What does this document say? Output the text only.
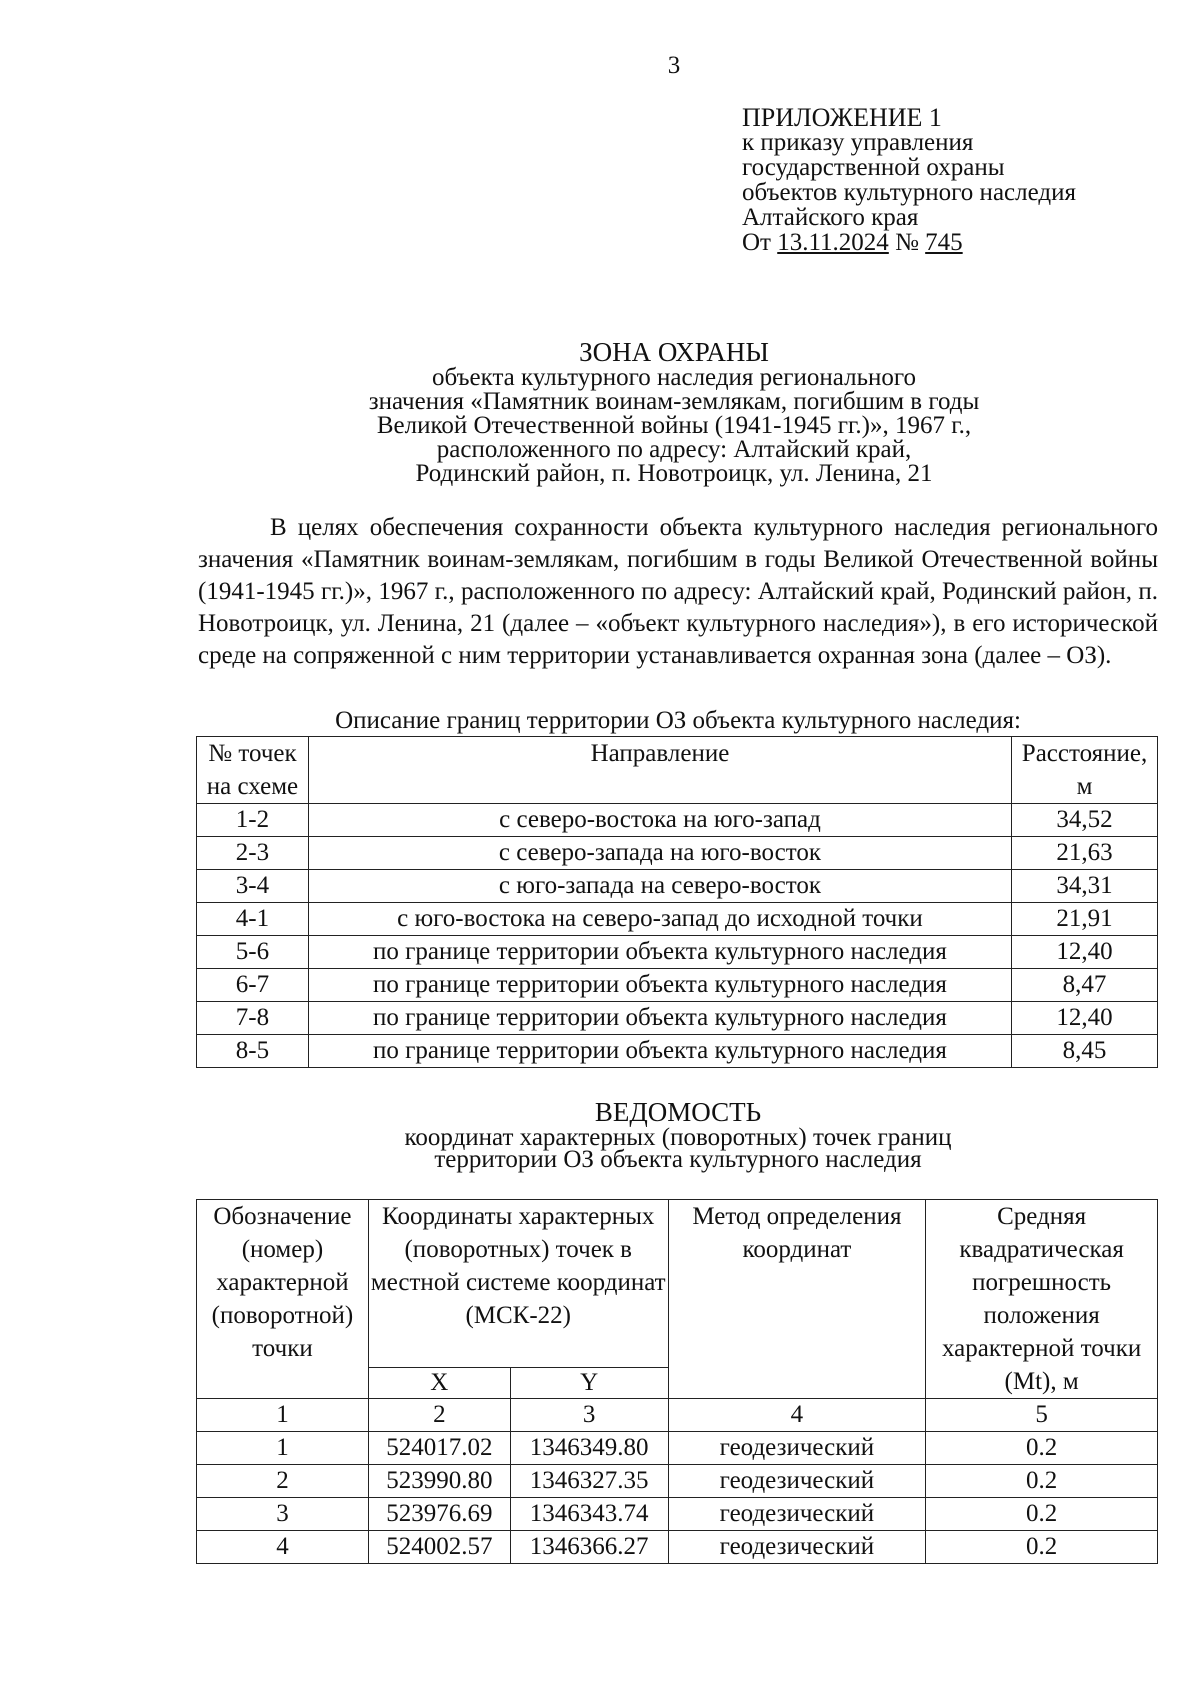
3
ПРИЛОЖЕНИЕ 1
к приказу управления
государственной охраны
объектов культурного наследия
Алтайского края
От 13.11.2024 № 745
ЗОНА ОХРАНЫ
объекта культурного наследия регионального
значения «Памятник воинам-землякам, погибшим в годы
Великой Отечественной войны (1941-1945 гг.)», 1967 г.,
расположенного по адресу: Алтайский край,
Родинский район, п. Новотроицк, ул. Ленина, 21

В целях обеспечения сохранности объекта культурного наследия регионального значения «Памятник воинам-землякам, погибшим в годы Великой Отечественной войны (1941-1945 гг.)», 1967 г., расположенного по адресу: Алтайский край, Родинский район, п. Новотроицк, ул. Ленина, 21 (далее – «объект культурного наследия»), в его исторической среде на сопряженной с ним территории устанавливается охранная зона (далее – ОЗ).

Описание границ территории ОЗ объекта культурного наследия:
№ точек на схеме	Направление	Расстояние, м
1-2	с северо-востока на юго-запад	34,52
2-3	с северо-запада на юго-восток	21,63
3-4	с юго-запада на северо-восток	34,31
4-1	с юго-востока на северо-запад до исходной точки	21,91
5-6	по границе территории объекта культурного наследия	12,40
6-7	по границе территории объекта культурного наследия	8,47
7-8	по границе территории объекта культурного наследия	12,40
8-5	по границе территории объекта культурного наследия	8,45
ВЕДОМОСТЬ
координат характерных (поворотных) точек границ
территории ОЗ объекта культурного наследия
Обозначение (номер) характерной (поворотной) точки	Координаты характерных (поворотных) точек в местной системе координат (МСК-22)		Метод определения координат	Средняя квадратическая погрешность положения характерной точки (Mt), м
	X	Y		
1	2	3	4	5
1	524017.02	1346349.80	геодезический	0.2
2	523990.80	1346327.35	геодезический	0.2
3	523976.69	1346343.74	геодезический	0.2
4	524002.57	1346366.27	геодезический	0.2
